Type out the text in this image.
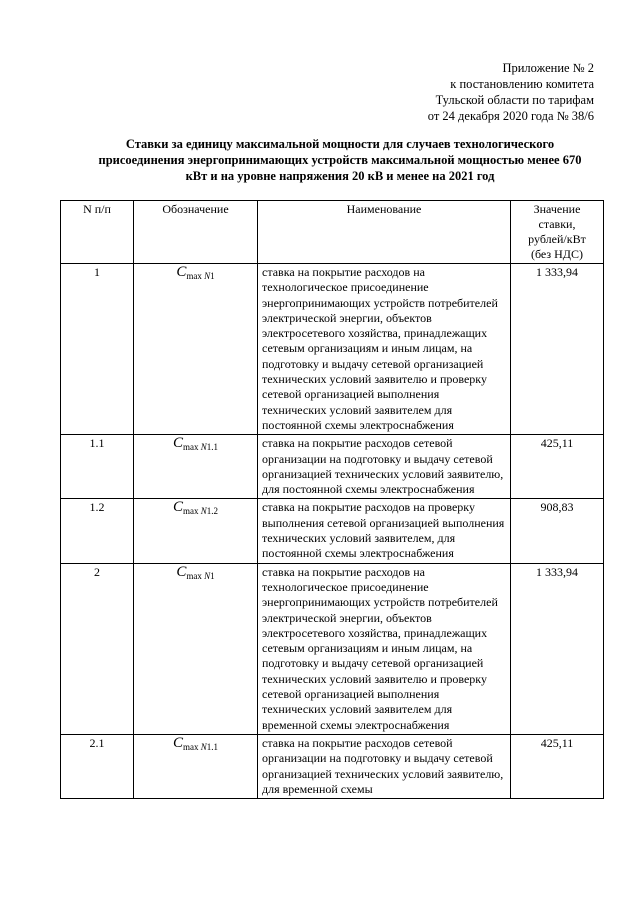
Приложение № 2
к постановлению комитета
Тульской области по тарифам
от 24 декабря 2020 года № 38/6
Ставки за единицу максимальной мощности для случаев технологического
присоединения энергопринимающих устройств максимальной мощностью менее 670
кВт и на уровне напряжения 20 кВ и менее на 2021 год
N п/п	Обозначение	Наименование	Значение
ставки,
рублей/кВт
(без НДС)

1	$C_{max N1}$	ставка на покрытие расходов на технологическое присоединение энергопринимающих устройств потребителей электрической энергии, объектов электросетевого хозяйства, принадлежащих сетевым организациям и иным лицам, на подготовку и выдачу сетевой организацией технических условий заявителю и проверку сетевой организацией выполнения технических условий заявителем для постоянной схемы электроснабжения	1 333,94
1.1	$C_{max N1.1}$	ставка на покрытие расходов сетевой организации на подготовку и выдачу сетевой организацией технических условий заявителю, для постоянной схемы электроснабжения	425,11
1.2	$C_{max N1.2}$	ставка на покрытие расходов на проверку выполнения сетевой организацией выполнения технических условий заявителем, для постоянной схемы электроснабжения	908,83
2	$C_{max N1}$	ставка на покрытие расходов на технологическое присоединение энергопринимающих устройств потребителей электрической энергии, объектов электросетевого хозяйства, принадлежащих сетевым организациям и иным лицам, на подготовку и выдачу сетевой организацией технических условий заявителю и проверку сетевой организацией выполнения технических условий заявителем для временной схемы электроснабжения	1 333,94
2.1	$C_{max N1.1}$	ставка на покрытие расходов сетевой организации на подготовку и выдачу сетевой организацией технических условий заявителю, для временной схемы	425,11
